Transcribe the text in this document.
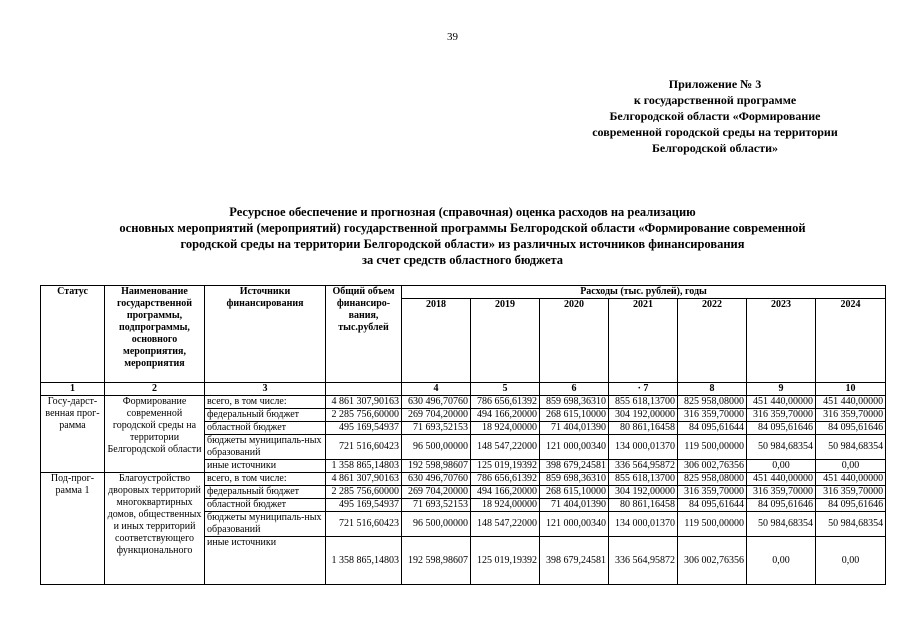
39
Приложение № 3
к государственной программе
Белгородской области «Формирование
современной городской среды на территории
Белгородской области»
Ресурсное обеспечение и прогнозная (справочная) оценка расходов на реализацию
основных мероприятий (мероприятий) государственной программы Белгородской области «Формирование современной
городской среды на территории Белгородской области» из различных источников финансирования
за счет средств областного бюджета
Статус	Наименование государственной программы, подпрограммы, основного мероприятия, мероприятия	Источники финансирования	Общий объем финансиро-вания, тыс.рублей	Расходы (тыс. рублей), годы						
				2018	2019	2020	2021	2022	2023	2024
1	2	3		4	5	6	· 7	8	9	10
Госу-дарст-венная прог-рамма	Формирование современной городской среды на территории Белгородской области	всего, в том числе:	4 861 307,90163	630 496,70760	786 656,61392	859 698,36310	855 618,13700	825 958,08000	451 440,00000	451 440,00000
		федеральный бюджет	2 285 756,60000	269 704,20000	494 166,20000	268 615,10000	304 192,00000	316 359,70000	316 359,70000	316 359,70000
		областной бюджет	495 169,54937	71 693,52153	18 924,00000	71 404,01390	80 861,16458	84 095,61644	84 095,61646	84 095,61646
		бюджеты муниципаль-ных образований	721 516,60423	96 500,00000	148 547,22000	121 000,00340	134 000,01370	119 500,00000	50 984,68354	50 984,68354
		иные источники	1 358 865,14803	192 598,98607	125 019,19392	398 679,24581	336 564,95872	306 002,76356	0,00	0,00
Под-прог-рамма 1	Благоустройство дворовых территорий многоквартирных домов, общественных и иных территорий соответствующего функционального	всего, в том числе:	4 861 307,90163	630 496,70760	786 656,61392	859 698,36310	855 618,13700	825 958,08000	451 440,00000	451 440,00000
		федеральный бюджет	2 285 756,60000	269 704,20000	494 166,20000	268 615,10000	304 192,00000	316 359,70000	316 359,70000	316 359,70000
		областной бюджет	495 169,54937	71 693,52153	18 924,00000	71 404,01390	80 861,16458	84 095,61644	84 095,61646	84 095,61646
		бюджеты муниципаль-ных образований	721 516,60423	96 500,00000	148 547,22000	121 000,00340	134 000,01370	119 500,00000	50 984,68354	50 984,68354
		иные источники	1 358 865,14803	192 598,98607	125 019,19392	398 679,24581	336 564,95872	306 002,76356	0,00	0,00
